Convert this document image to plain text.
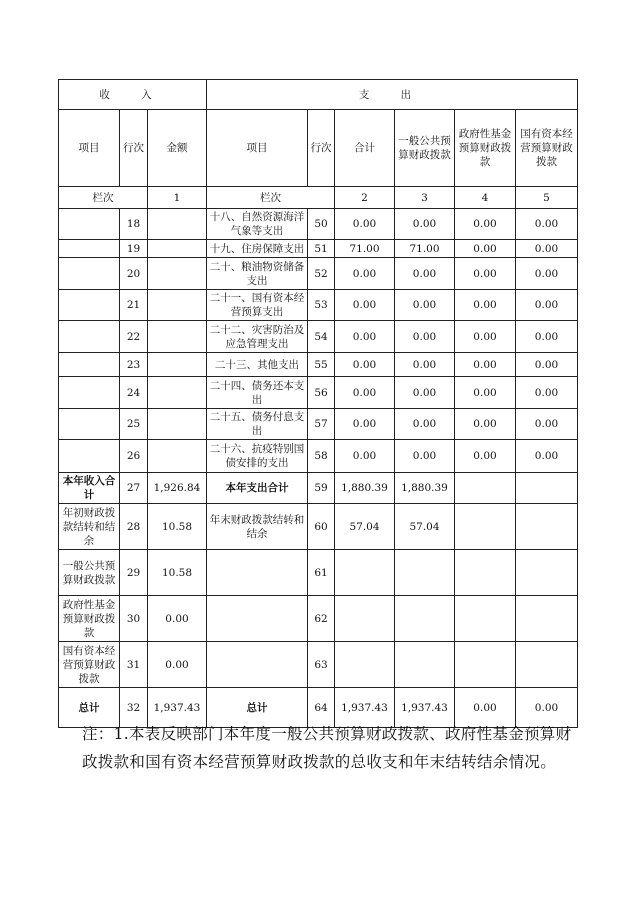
收 入			支 出					
项目	行次	金额	项目	行次	合计	一般公共预算财政拨款	政府性基金预算财政拨款	国有资本经营预算财政拨款
栏次		1	栏次		2	3	4	5
	18		十八、自然资源海洋气象等支出	50	0.00	0.00	0.00	0.00
	19		十九、住房保障支出	51	71.00	71.00	0.00	0.00
	20		二十、粮油物资储备支出	52	0.00	0.00	0.00	0.00
	21		二十一、国有资本经营预算支出	53	0.00	0.00	0.00	0.00
	22		二十二、灾害防治及应急管理支出	54	0.00	0.00	0.00	0.00
	23		二十三、其他支出	55	0.00	0.00	0.00	0.00
	24		二十四、债务还本支出	56	0.00	0.00	0.00	0.00
	25		二十五、债务付息支出	57	0.00	0.00	0.00	0.00
	26		二十六、抗疫特别国债安排的支出	58	0.00	0.00	0.00	0.00
本年收入合计	27	1,926.84	本年支出合计	59	1,880.39	1,880.39		
年初财政拨款结转和结余	28	10.58	年末财政拨款结转和结余	60	57.04	57.04		
一般公共预算财政拨款	29	10.58		61				
政府性基金预算财政拨款	30	0.00		62				
国有资本经营预算财政拨款	31	0.00		63				
总计	32	1,937.43	总计	64	1,937.43	1,937.43	0.00	0.00
注：1.本表反映部门本年度一般公共预算财政拨款、政府性基金预算财政拨款和国有资本经营预算财政拨款的总收支和年末结转结余情况。
